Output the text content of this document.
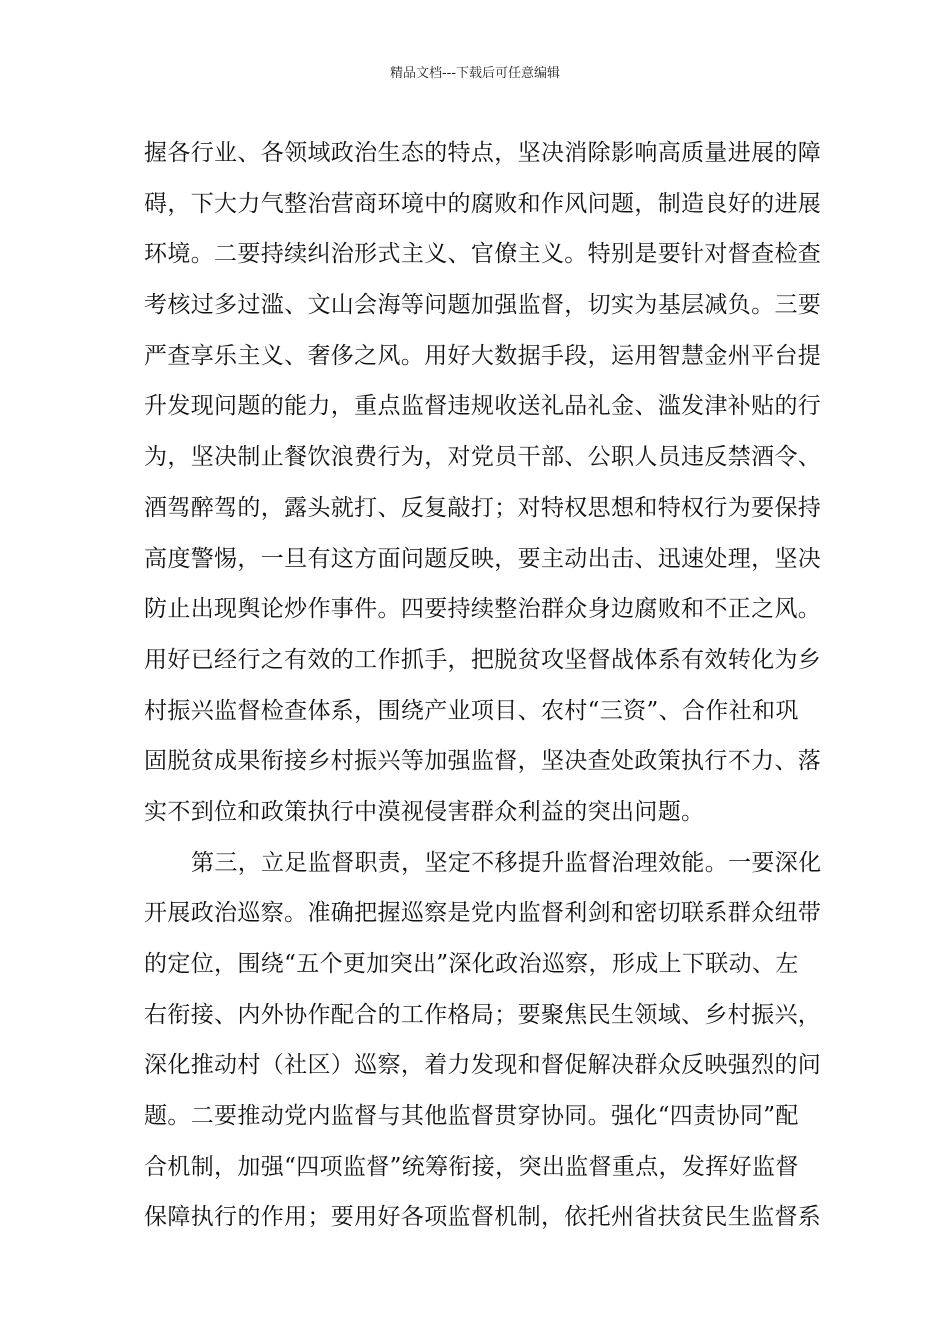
精品文档---下载后可任意编辑
握各行业、各领域政治生态的特点，坚决消除影响高质量进展的障
碍，下大力气整治营商环境中的腐败和作风问题，制造良好的进展
环境。二要持续纠治形式主义、官僚主义。特别是要针对督查检查
考核过多过滥、文山会海等问题加强监督，切实为基层减负。三要
严查享乐主义、奢侈之风。用好大数据手段，运用智慧金州平台提
升发现问题的能力，重点监督违规收送礼品礼金、滥发津补贴的行
为，坚决制止餐饮浪费行为，对党员干部、公职人员违反禁酒令、
酒驾醉驾的，露头就打、反复敲打；对特权思想和特权行为要保持
高度警惕，一旦有这方面问题反映，要主动出击、迅速处理，坚决
防止出现舆论炒作事件。四要持续整治群众身边腐败和不正之风。
用好已经行之有效的工作抓手，把脱贫攻坚督战体系有效转化为乡
村振兴监督检查体系，围绕产业项目、农村“三资”、合作社和巩
固脱贫成果衔接乡村振兴等加强监督，坚决查处政策执行不力、落
实不到位和政策执行中漠视侵害群众利益的突出问题。
第三，立足监督职责，坚定不移提升监督治理效能。一要深化
开展政治巡察。准确把握巡察是党内监督利剑和密切联系群众纽带
的定位，围绕“五个更加突出”深化政治巡察，形成上下联动、左
右衔接、内外协作配合的工作格局；要聚焦民生领域、乡村振兴，
深化推动村（社区）巡察，着力发现和督促解决群众反映强烈的问
题。二要推动党内监督与其他监督贯穿协同。强化“四责协同”配
合机制，加强“四项监督”统筹衔接，突出监督重点，发挥好监督
保障执行的作用；要用好各项监督机制，依托州省扶贫民生监督系
